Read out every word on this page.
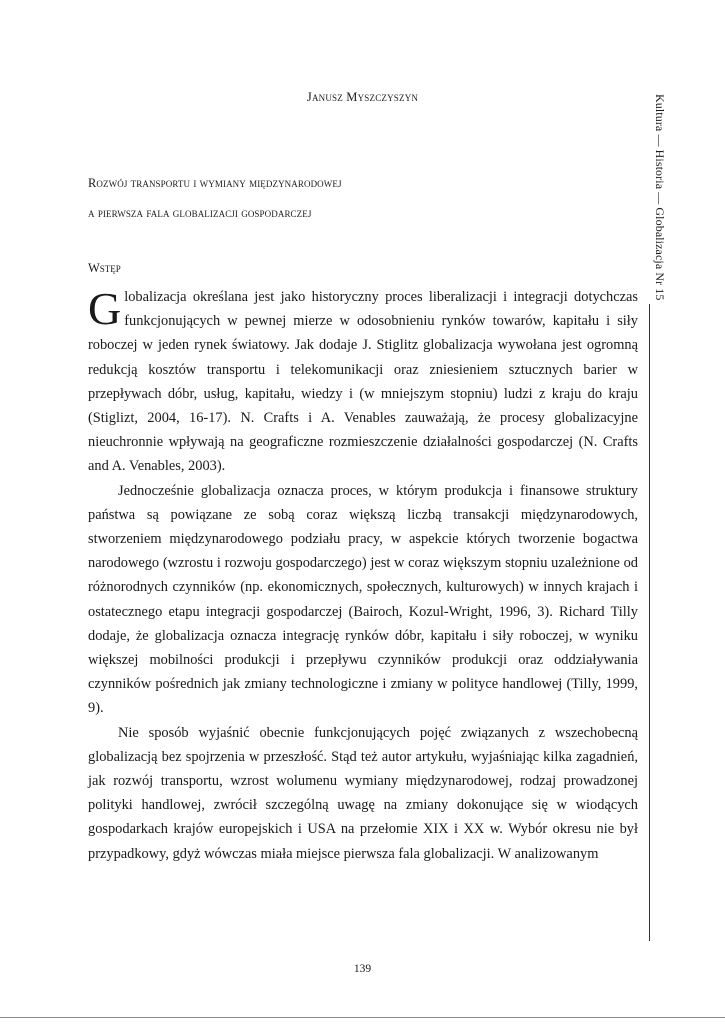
Janusz Myszczyszyn
Rozwój transportu i wymiany międzynarodowej
a pierwsza fala globalizacji gospodarczej
Wstęp

Globalizacja określana jest jako historyczny proces liberalizacji i integracji dotychczas funkcjonujących w pewnej mierze w odosobnieniu rynków towarów, kapitału i siły roboczej w jeden rynek światowy. Jak dodaje J. Stiglitz globalizacja wywołana jest ogromną redukcją kosztów transportu i telekomunikacji oraz zniesieniem sztucznych barier w przepływach dóbr, usług, kapitału, wiedzy i (w mniejszym stopniu) ludzi z kraju do kraju (Stiglizt, 2004, 16-17). N. Crafts i A. Venables zauważają, że procesy globalizacyjne nieuchronnie wpływają na geograficzne rozmieszczenie działalności gospodarczej (N. Crafts and A. Venables, 2003).

Jednocześnie globalizacja oznacza proces, w którym produkcja i finansowe struktury państwa są powiązane ze sobą coraz większą liczbą transakcji międzynarodowych, stworzeniem międzynarodowego podziału pracy, w aspekcie których tworzenie bogactwa narodowego (wzrostu i rozwoju gospodarczego) jest w coraz większym stopniu uzależnione od różnorodnych czynników (np. ekonomicznych, społecznych, kulturowych) w innych krajach i ostatecznego etapu integracji gospodarczej (Bairoch, Kozul-Wright, 1996, 3). Richard Tilly dodaje, że globalizacja oznacza integrację rynków dóbr, kapitału i siły roboczej, w wyniku większej mobilności produkcji i przepływu czynników produkcji oraz oddziaływania czynników pośrednich jak zmiany technologiczne i zmiany w polityce handlowej (Tilly, 1999, 9).

Nie sposób wyjaśnić obecnie funkcjonujących pojęć związanych z wszechobecną globalizacją bez spojrzenia w przeszłość. Stąd też autor artykułu, wyjaśniając kilka zagadnień, jak rozwój transportu, wzrost wolumenu wymiany międzynarodowej, rodzaj prowadzonej polityki handlowej, zwrócił szczególną uwagę na zmiany dokonujące się w wiodących gospodarkach krajów europejskich i USA na przełomie XIX i XX w. Wybór okresu nie był przypadkowy, gdyż wówczas miała miejsce pierwsza fala globalizacji. W analizowanym

Kultura — Historia — Globalizacja Nr 15
139
